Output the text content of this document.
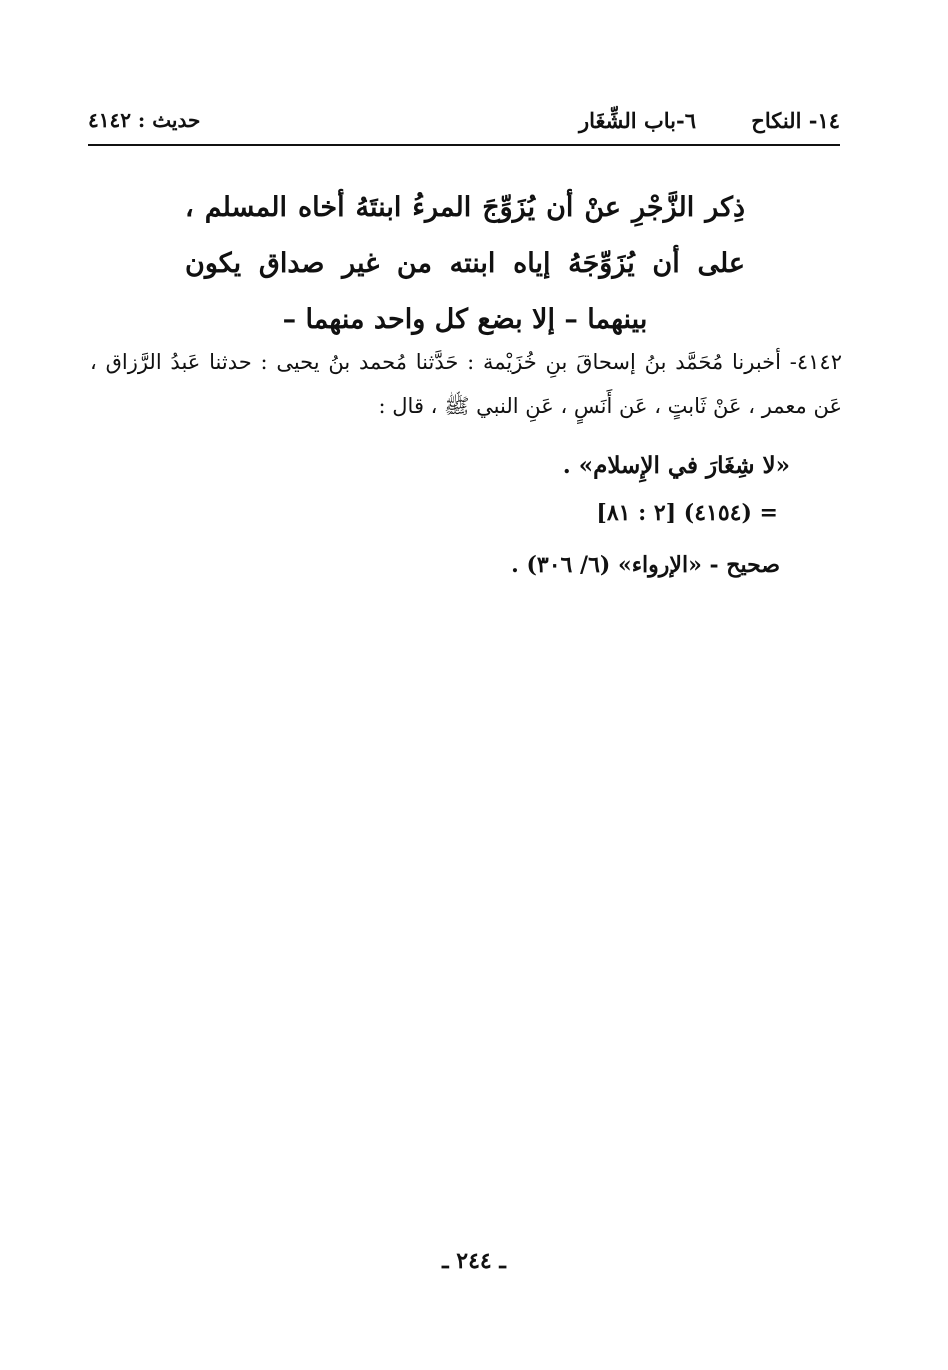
١٤- النكاح ٦-باب الشِّغَار
حديث : ٤١٤٢
ذِكر الزَّجْرِ عنْ أن يُزَوِّجَ المرءُ ابنتَهُ أخاه المسلم ، على أن يُزَوِّجَهُ إياه ابنته من غير صداق يكون بينهما – إلا بضع كل واحد منهما –
٤١٤٢- أخبرنا مُحَمَّد بنُ إسحاقَ بنِ خُزَيْمة : حَدَّثنا مُحمد بنُ يحيى : حدثنا عَبدُ الرَّزاق ، عَن معمر ، عَنْ ثَابتٍ ، عَن أَنَسٍ ، عَنِ النبي ﷺ ، قال :
«لا شِغَارَ في الإِسلام» .
= (٤١٥٤) [٢ : ٨١]
صحيح - «الإرواء» (٦/ ٣٠٦) .
ـ ٢٤٤ ـ
